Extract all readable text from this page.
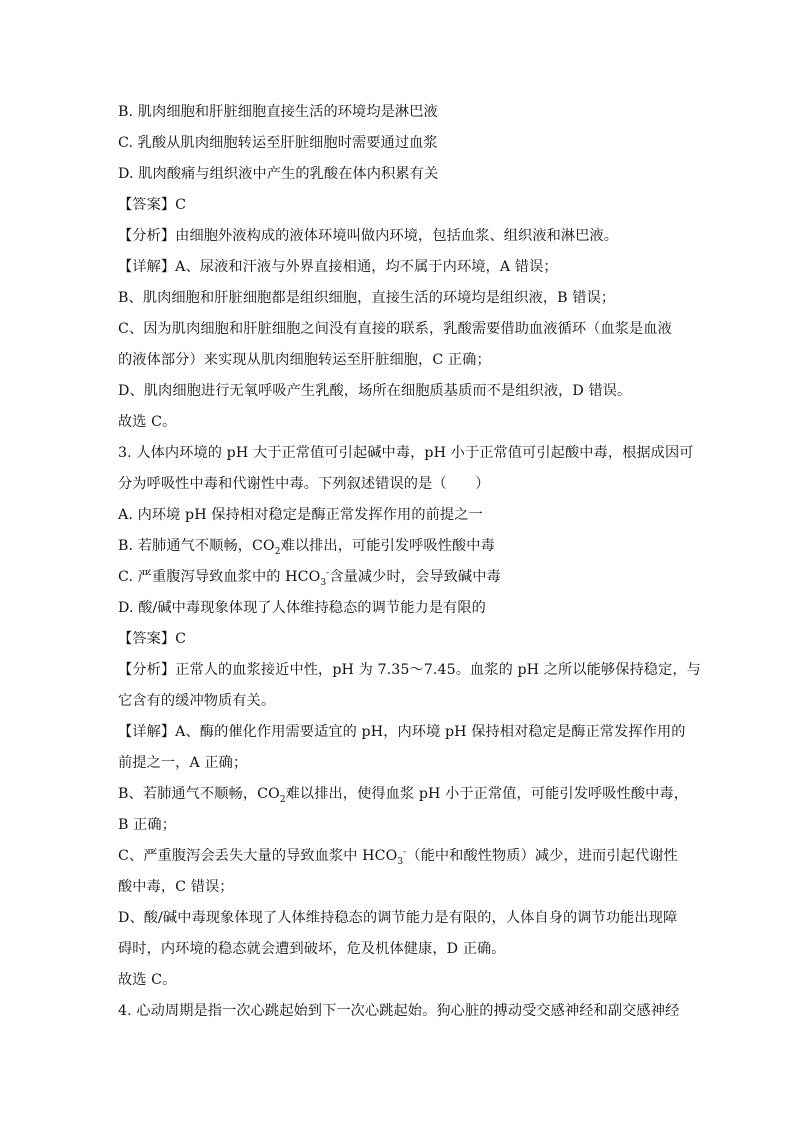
B. 肌肉细胞和肝脏细胞直接生活的环境均是淋巴液
C. 乳酸从肌肉细胞转运至肝脏细胞时需要通过血浆
D. 肌肉酸痛与组织液中产生的乳酸在体内积累有关
【答案】C
【分析】由细胞外液构成的液体环境叫做内环境，包括血浆、组织液和淋巴液。
【详解】A、尿液和汗液与外界直接相通，均不属于内环境，A 错误；
B、肌肉细胞和肝脏细胞都是组织细胞，直接生活的环境均是组织液，B 错误；
C、因为肌肉细胞和肝脏细胞之间没有直接的联系，乳酸需要借助血液循环（血浆是血液
的液体部分）来实现从肌肉细胞转运至肝脏细胞，C 正确；
D、肌肉细胞进行无氧呼吸产生乳酸，场所在细胞质基质而不是组织液，D 错误。
故选 C。
3. 人体内环境的 pH 大于正常值可引起碱中毒，pH 小于正常值可引起酸中毒，根据成因可
分为呼吸性中毒和代谢性中毒。下列叙述错误的是（　　）
A. 内环境 pH 保持相对稳定是酶正常发挥作用的前提之一
B. 若肺通气不顺畅，$CO_2$难以排出，可能引发呼吸性酸中毒
C. 严重腹泻导致血浆中的 $HCO_3^-$含量减少时，会导致碱中毒
D. 酸/碱中毒现象体现了人体维持稳态的调节能力是有限的
【答案】C
【分析】正常人的血浆接近中性，pH 为 7.35～7.45。血浆的 pH 之所以能够保持稳定，与
它含有的缓冲物质有关。
【详解】A、酶的催化作用需要适宜的 pH，内环境 pH 保持相对稳定是酶正常发挥作用的
前提之一，A 正确；
B、若肺通气不顺畅，$CO_2$难以排出，使得血浆 pH 小于正常值，可能引发呼吸性酸中毒，
B 正确；
C、严重腹泻会丢失大量的导致血浆中 $HCO_3^-$（能中和酸性物质）减少，进而引起代谢性
酸中毒，C 错误；
D、酸/碱中毒现象体现了人体维持稳态的调节能力是有限的，人体自身的调节功能出现障
碍时，内环境的稳态就会遭到破坏，危及机体健康，D 正确。
故选 C。
4. 心动周期是指一次心跳起始到下一次心跳起始。狗心脏的搏动受交感神经和副交感神经
